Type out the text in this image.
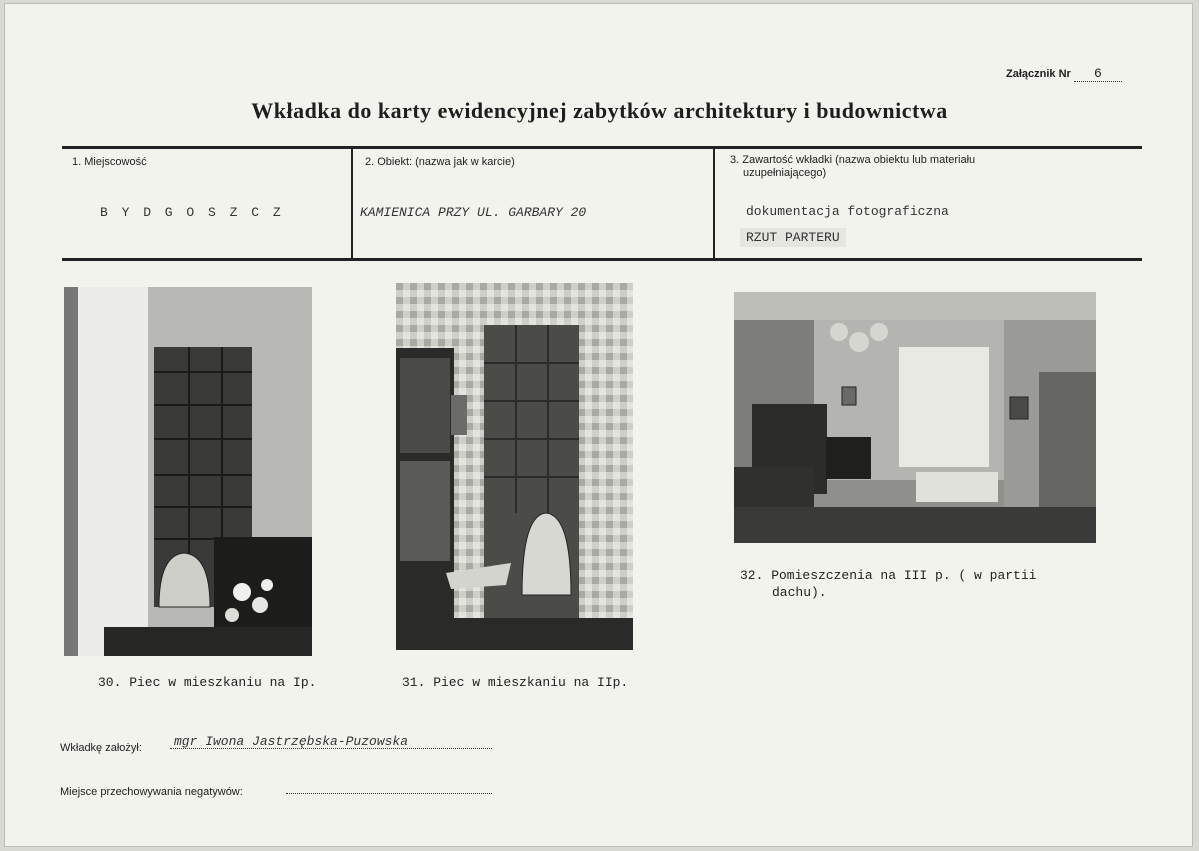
Załącznik Nr 6
Wkładka do karty ewidencyjnej zabytków architektury i budownictwa
1. Miejscowość
B Y D G O S Z C Z
2. Obiekt: (nazwa jak w karcie)
KAMIENICA PRZY UL. GARBARY 20
3. Zawartość wkładki (nazwa obiektu lub materiału
uzupełniającego)
dokumentacja fotograficzna
RZUT PARTERU
30. Piec w mieszkaniu na Ip.	31. Piec w mieszkaniu na IIp.
32. Pomieszczenia na III p. ( w partii
dachu).
Wkładkę założył: mgr Iwona Jastrzębska-Puzowska
Miejsce przechowywania negatywów:
